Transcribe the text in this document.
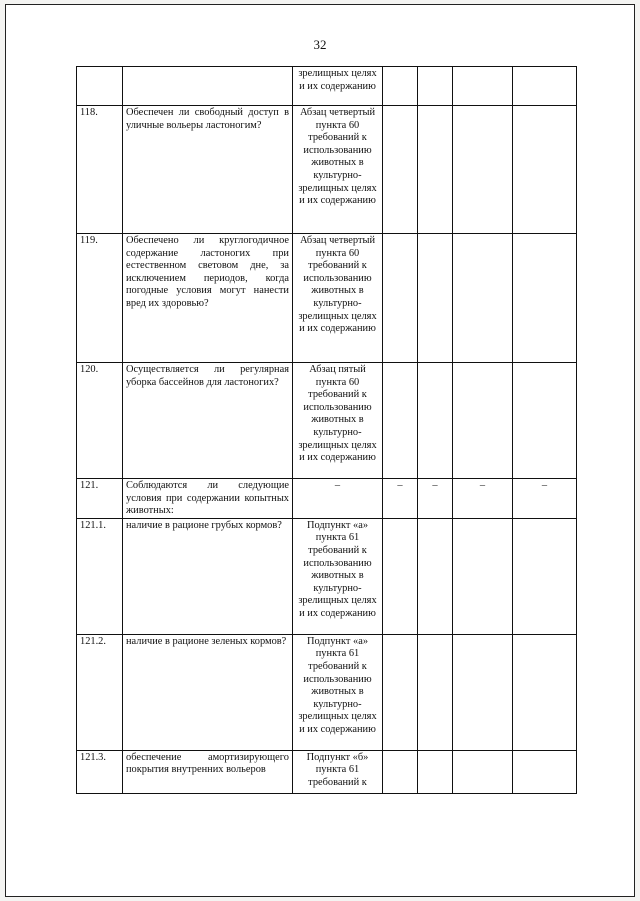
32
		зрелищных целях и их содержанию				
118.	Обеспечен ли свободный доступ в уличные вольеры ластоногим?	Абзац четвертый пункта 60 требований к использованию животных в культурно-зрелищных целях и их содержанию				
119.	Обеспечено ли круглогодичное содержание ластоногих при естественном световом дне, за исключением периодов, когда погодные условия могут нанести вред их здоровью?	Абзац четвертый пункта 60 требований к использованию животных в культурно-зрелищных целях и их содержанию				
120.	Осуществляется ли регулярная уборка бассейнов для ластоногих?	Абзац пятый пункта 60 требований к использованию животных в культурно-зрелищных целях и их содержанию				
121.	Соблюдаются ли следующие условия при содержании копытных животных:	–	–	–	–	–
121.1.	наличие в рационе грубых кормов?	Подпункт «а» пункта 61 требований к использованию животных в культурно-зрелищных целях и их содержанию				
121.2.	наличие в рационе зеленых кормов?	Подпункт «а» пункта 61 требований к использованию животных в культурно-зрелищных целях и их содержанию				
121.3.	обеспечение амортизирующего покрытия внутренних вольеров	Подпункт «б» пункта 61 требований к				
